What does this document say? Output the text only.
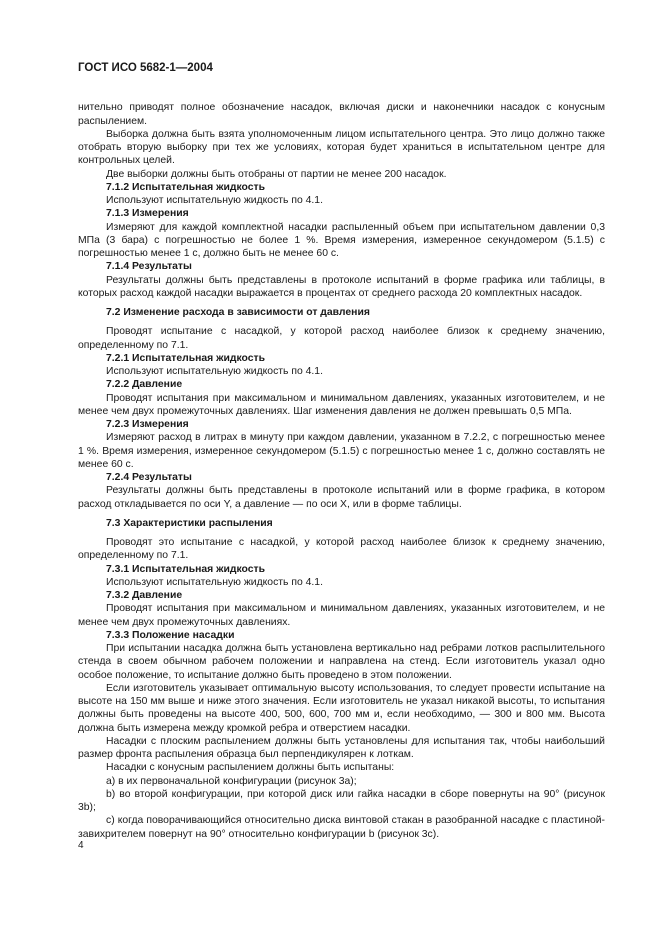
ГОСТ ИСО 5682-1—2004

нительно приводят полное обозначение насадок, включая диски и наконечники насадок с конусным распылением.

Выборка должна быть взята уполномоченным лицом испытательного центра. Это лицо должно также отобрать вторую выборку при тех же условиях, которая будет храниться в испытательном центре для контрольных целей.

Две выборки должны быть отобраны от партии не менее 200 насадок.

7.1.2 Испытательная жидкость

Используют испытательную жидкость по 4.1.

7.1.3 Измерения

Измеряют для каждой комплектной насадки распыленный объем при испытательном давлении 0,3 МПа (3 бара) с погрешностью не более 1 %. Время измерения, измеренное секундомером (5.1.5) с погрешностью менее 1 с, должно быть не менее 60 с.

7.1.4 Результаты

Результаты должны быть представлены в протоколе испытаний в форме графика или таблицы, в которых расход каждой насадки выражается в процентах от среднего расхода 20 комплектных насадок.

7.2 Изменение расхода в зависимости от давления

Проводят испытание с насадкой, у которой расход наиболее близок к среднему значению, определенному по 7.1.

7.2.1 Испытательная жидкость

Используют испытательную жидкость по 4.1.

7.2.2 Давление

Проводят испытания при максимальном и минимальном давлениях, указанных изготовителем, и не менее чем двух промежуточных давлениях. Шаг изменения давления не должен превышать 0,5 МПа.

7.2.3 Измерения

Измеряют расход в литрах в минуту при каждом давлении, указанном в 7.2.2, с погрешностью менее 1 %. Время измерения, измеренное секундомером (5.1.5) с погрешностью менее 1 с, должно составлять не менее 60 с.

7.2.4 Результаты

Результаты должны быть представлены в протоколе испытаний или в форме графика, в котором расход откладывается по оси Y, а давление — по оси X, или в форме таблицы.

7.3 Характеристики распыления

Проводят это испытание с насадкой, у которой расход наиболее близок к среднему значению, определенному по 7.1.

7.3.1 Испытательная жидкость

Используют испытательную жидкость по 4.1.

7.3.2 Давление

Проводят испытания при максимальном и минимальном давлениях, указанных изготовителем, и не менее чем двух промежуточных давлениях.

7.3.3 Положение насадки

При испытании насадка должна быть установлена вертикально над ребрами лотков распылительного стенда в своем обычном рабочем положении и направлена на стенд. Если изготовитель указал одно особое положение, то испытание должно быть проведено в этом положении.

Если изготовитель указывает оптимальную высоту использования, то следует провести испытание на высоте на 150 мм выше и ниже этого значения. Если изготовитель не указал никакой высоты, то испытания должны быть проведены на высоте 400, 500, 600, 700 мм и, если необходимо, — 300 и 800 мм. Высота должна быть измерена между кромкой ребра и отверстием насадки.

Насадки с плоским распылением должны быть установлены для испытания так, чтобы наибольший размер фронта распыления образца был перпендикулярен к лоткам.

Насадки с конусным распылением должны быть испытаны:

a) в их первоначальной конфигурации (рисунок 3а);

b) во второй конфигурации, при которой диск или гайка насадки в сборе повернуты на 90° (рисунок 3b);

c) когда поворачивающийся относительно диска винтовой стакан в разобранной насадке с пластиной-завихрителем повернут на 90° относительно конфигурации b (рисунок 3c).

4
